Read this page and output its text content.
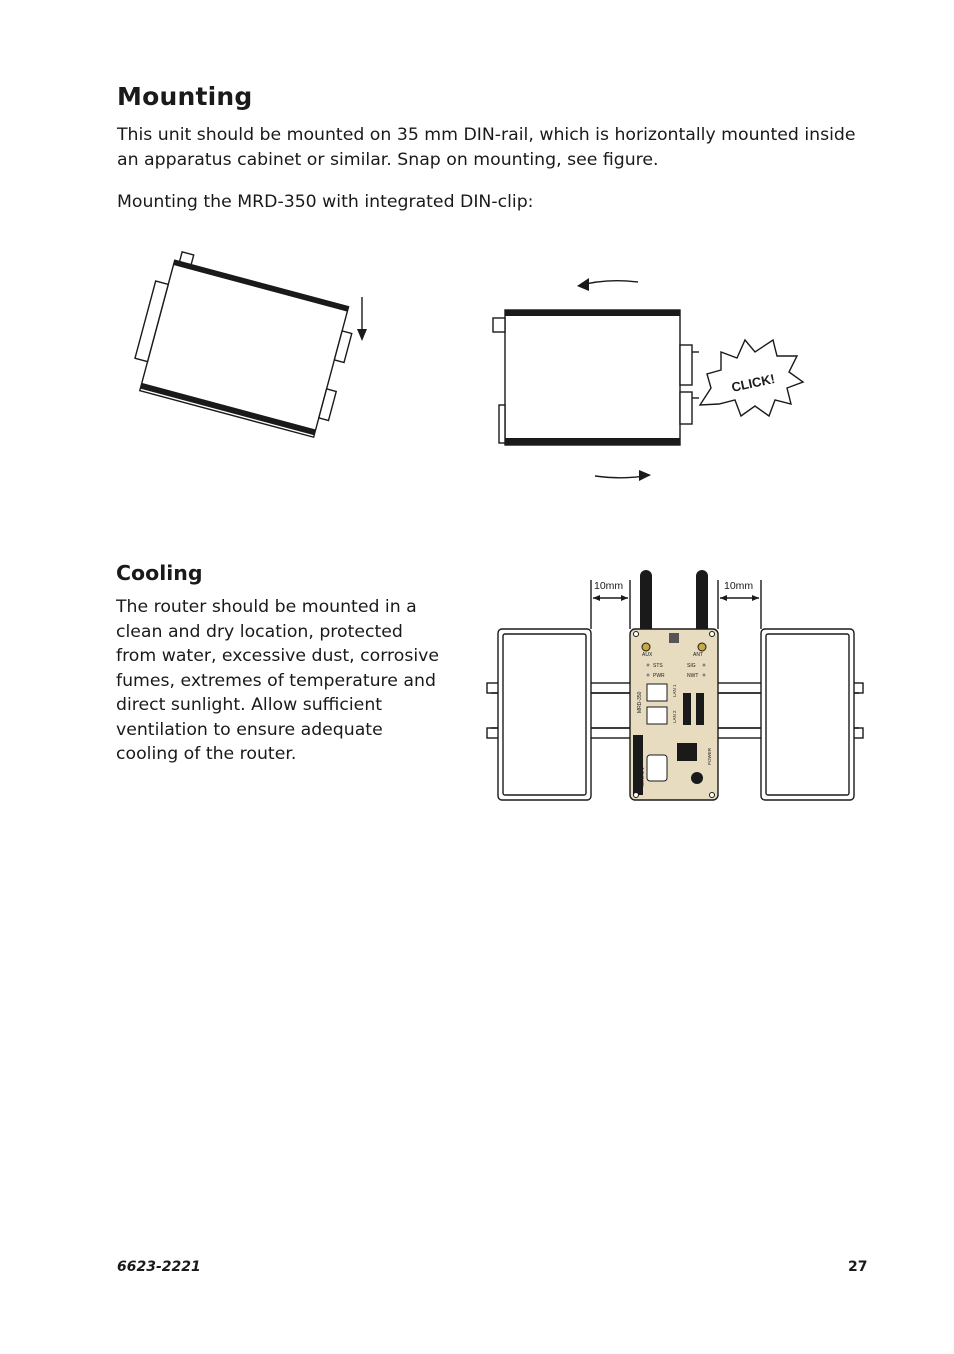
Mounting

This unit should be mounted on 35 mm DIN-rail, which is horizontally mounted inside an apparatus cabinet or similar. Snap on mounting, see figure.

Mounting the MRD-350 with integrated DIN-clip:

CLICK!
Cooling

The router should be mounted in a clean and dry location, protected from water, excessive dust, corrosive fumes, extremes of temperature and direct sunlight. Allow sufficient ventilation to ensure adequate cooling of the router.

AUX	ANT
STS	SIG
PWR	NWT
MRD-350
LAN 1
LAN 2
SERIAL 1
POWER
10mm	10mm
6623-2221	27
